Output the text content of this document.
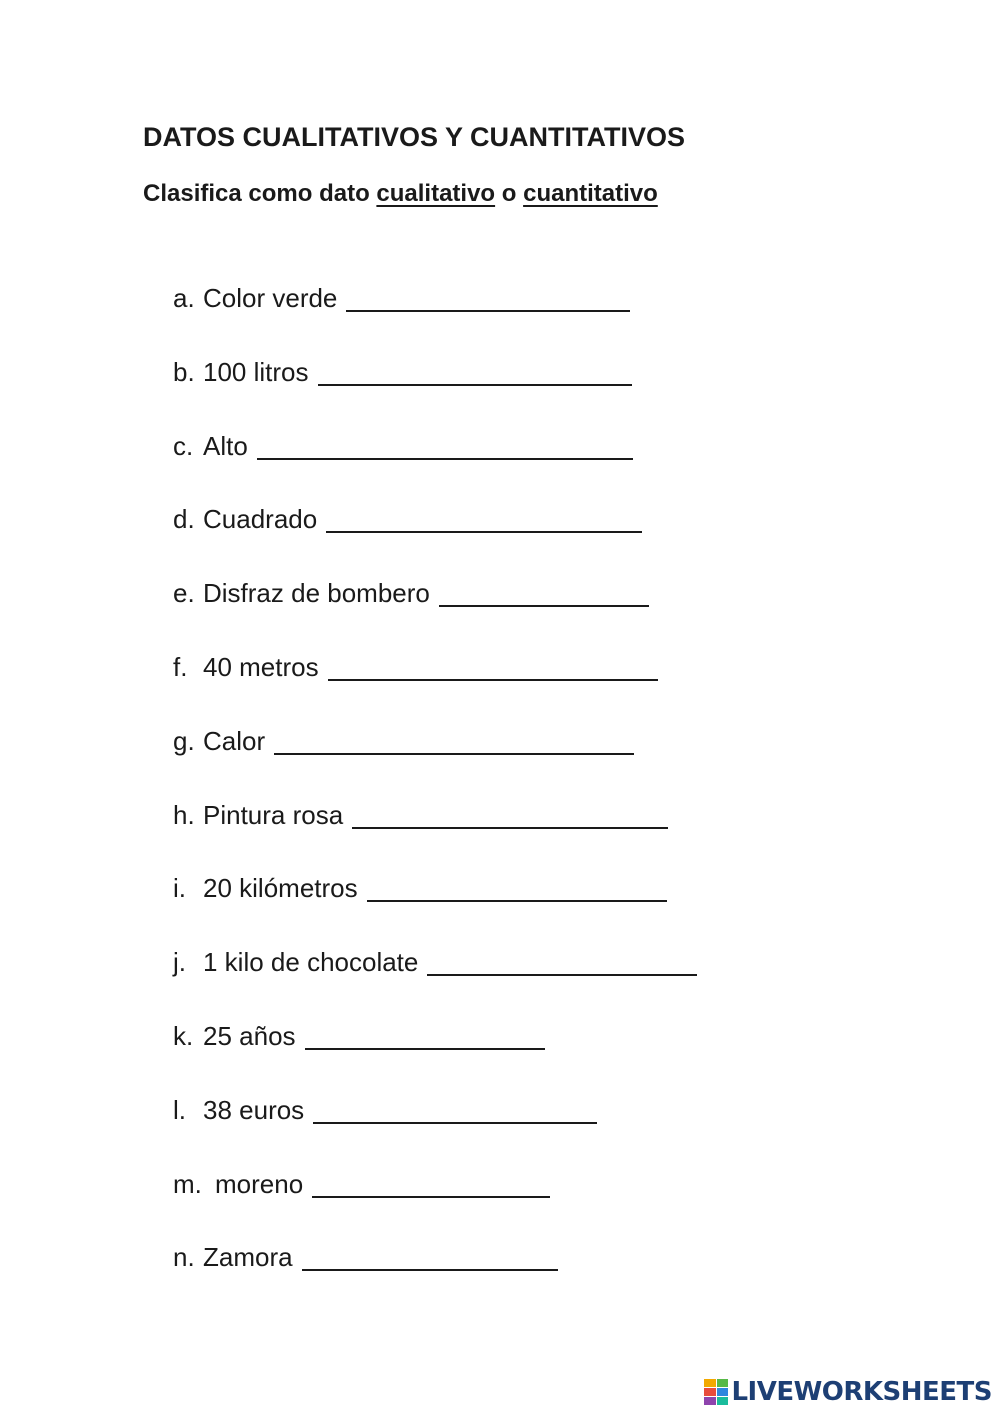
DATOS CUALITATIVOS Y CUANTITATIVOS
Clasifica como dato cualitativo o cuantitativo
a. Color verde
b. 100 litros
c. Alto
d. Cuadrado
e. Disfraz de bombero
f. 40 metros
g. Calor
h. Pintura rosa
i. 20 kilómetros
j. 1 kilo de chocolate
k. 25 años
l. 38 euros
m. moreno
n. Zamora
LIVEWORKSHEETS
